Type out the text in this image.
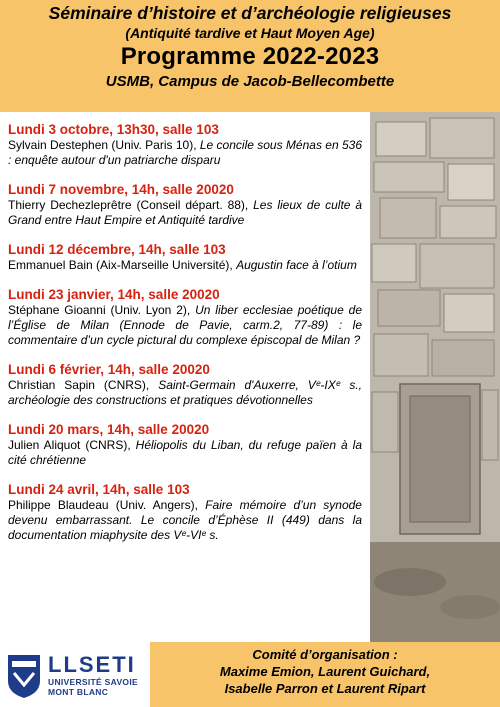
Séminaire d’histoire et d’archéologie religieuses
(Antiquité tardive et Haut Moyen Age)
Programme 2022-2023
USMB, Campus de Jacob-Bellecombette
Lundi 3 octobre, 13h30, salle 103
Sylvain Destephen (Univ. Paris 10), Le concile sous Ménas en 536 : enquête autour d'un patriarche disparu
Lundi 7 novembre, 14h, salle 20020
Thierry Dechezleprêtre (Conseil départ. 88), Les lieux de culte à Grand entre Haut Empire et Antiquité tardive
Lundi 12 décembre, 14h, salle 103
Emmanuel Bain (Aix-Marseille Université), Augustin face à l’otium
Lundi 23 janvier, 14h, salle 20020
Stéphane Gioanni (Univ. Lyon 2), Un liber ecclesiae poétique de l’Église de Milan (Ennode de Pavie, carm.2, 77-89) : le commentaire d’un cycle pictural du complexe épiscopal de Milan ?
Lundi 6 février, 14h, salle 20020
Christian Sapin (CNRS), Saint-Germain d'Auxerre, Vᵉ-IXᵉ s., archéologie des constructions et pratiques dévotionnelles
Lundi 20 mars, 14h, salle 20020
Julien Aliquot (CNRS), Héliopolis du Liban, du refuge païen à la cité chrétienne
Lundi 24 avril, 14h, salle 103
Philippe Blaudeau (Univ. Angers), Faire mémoire d’un synode devenu embarrassant. Le concile d’Éphèse II (449) dans la documentation miaphysite des Vᵉ-VIᵉ s.
LLSETI
UNIVERSITÉ SAVOIE
MONT BLANC
Comité d’organisation :
Maxime Emion, Laurent Guichard,
Isabelle Parron et Laurent Ripart
